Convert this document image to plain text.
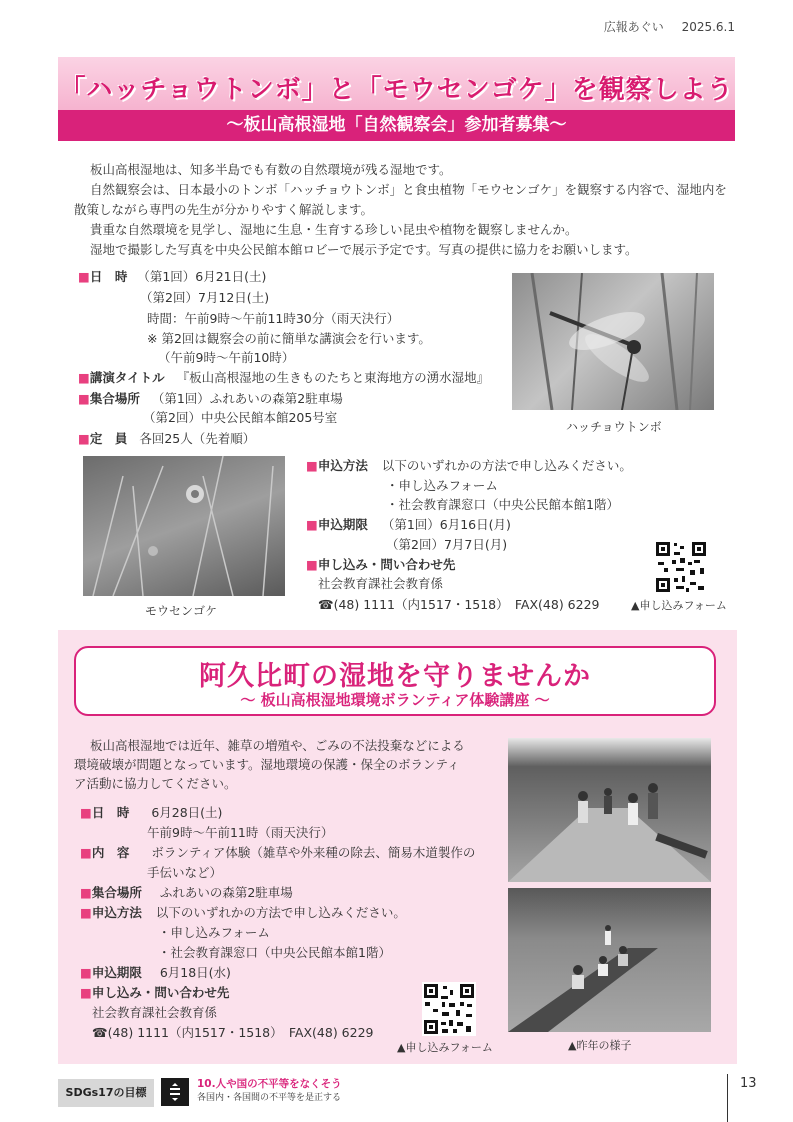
広報あぐい 2025.6.1
「ハッチョウトンボ」と「モウセンゴケ」を観察しよう
〜板山高根湿地「自然観察会」参加者募集〜

板山高根湿地は、知多半島でも有数の自然環境が残る湿地です。

自然観察会は、日本最小のトンボ「ハッチョウトンボ」と食虫植物「モウセンゴケ」を観察する内容で、湿地内を

散策しながら専門の先生が分かりやすく解説します。

貴重な自然環境を見学し、湿地に生息・生育する珍しい昆虫や植物を観察しませんか。

湿地で撮影した写真を中央公民館本館ロビーで展示予定です。写真の提供に協力をお願いします。

■日　時 （第1回）6月21日(土)
（第2回）7月12日(土)
時間：午前9時〜午前11時30分（雨天決行）
※ 第2回は観察会の前に簡単な講演会を行います。
（午前9時〜午前10時）
■講演タイトル 『板山高根湿地の生きものたちと東海地方の湧水湿地』
■集合場所 （第1回）ふれあいの森第2駐車場
（第2回）中央公民館本館205号室
■定　員 各回25人（先着順）
ハッチョウトンボ
モウセンゴケ
■申込方法 以下のいずれかの方法で申し込みください。
・申し込みフォーム
・社会教育課窓口（中央公民館本館1階）
■申込期限 （第1回）6月16日(月)
（第2回）7月7日(月)
■申し込み・問い合わせ先
社会教育課社会教育係
☎(48) 1111（内1517・1518）　FAX(48) 6229	▲申し込みフォーム
阿久比町の湿地を守りませんか
〜 板山高根湿地環境ボランティア体験講座 〜

板山高根湿地では近年、雑草の増殖や、ごみの不法投棄などによる

環境破壊が問題となっています。湿地環境の保護・保全のボランティ

ア活動に協力してください。

■日　時 6月28日(土)
午前9時〜午前11時（雨天決行）
■内　容 ボランティア体験（雑草や外来種の除去、簡易木道製作の
手伝いなど）
■集合場所 ふれあいの森第2駐車場
■申込方法 以下のいずれかの方法で申し込みください。
・申し込みフォーム
・社会教育課窓口（中央公民館本館1階）
■申込期限 6月18日(水)
■申し込み・問い合わせ先
社会教育課社会教育係
☎(48) 1111（内1517・1518）　FAX(48) 6229
▲申し込みフォーム	▲昨年の様子
SDGs17の目標
10.人や国の不平等をなくそう
各国内・各国間の不平等を是正する
13
